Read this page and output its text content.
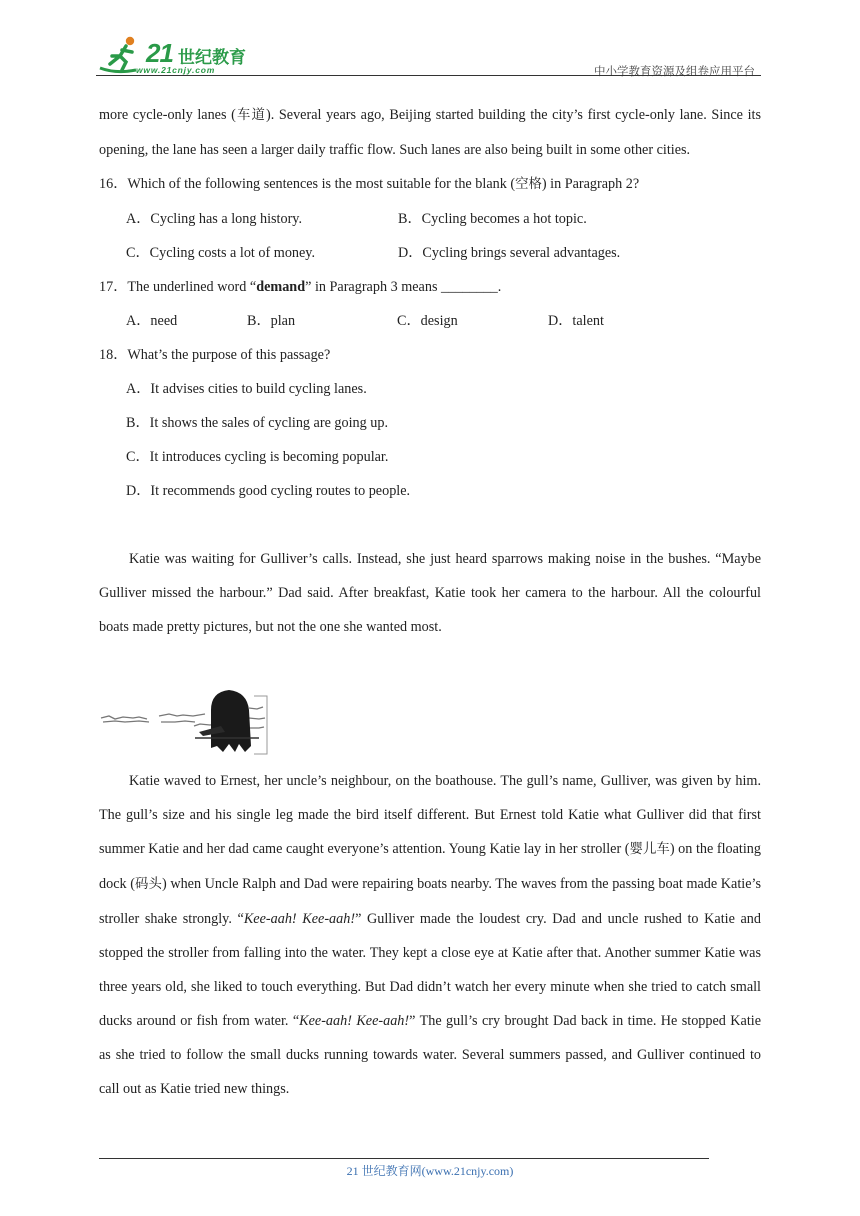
21 世纪教育
www.21cnjy.com	中小学教育资源及组卷应用平台

more cycle-only lanes (车道). Several years ago, Beijing started building the city’s first cycle-only lane. Since its opening, the lane has seen a larger daily traffic flow. Such lanes are also being built in some other cities.

16．Which of the following sentences is the most suitable for the blank (空格) in Paragraph 2?
A．Cycling has a long history.	B．Cycling becomes a hot topic.
C．Cycling costs a lot of money.	D．Cycling brings several advantages.
17．The underlined word “demand” in Paragraph 3 means ________.
A．need	B．plan	C．design	D．talent
18．What’s the purpose of this passage?
A．It advises cities to build cycling lanes.
B．It shows the sales of cycling are going up.
C．It introduces cycling is becoming popular.
D．It recommends good cycling routes to people.

Katie was waiting for Gulliver’s calls. Instead, she just heard sparrows making noise in the bushes. “Maybe Gulliver missed the harbour.” Dad said. After breakfast, Katie took her camera to the harbour. All the colourful boats made pretty pictures, but not the one she wanted most.

Katie waved to Ernest, her uncle’s neighbour, on the boathouse. The gull’s name, Gulliver, was given by him. The gull’s size and his single leg made the bird itself different. But Ernest told Katie what Gulliver did that first summer Katie and her dad came caught everyone’s attention. Young Katie lay in her stroller (婴儿车) on the floating dock (码头) when Uncle Ralph and Dad were repairing boats nearby. The waves from the passing boat made Katie’s stroller shake strongly. “Kee-aah! Kee-aah!” Gulliver made the loudest cry. Dad and uncle rushed to Katie and stopped the stroller from falling into the water. They kept a close eye at Katie after that. Another summer Katie was three years old, she liked to touch everything. But Dad didn’t watch her every minute when she tried to catch small ducks around or fish from water. “Kee-aah! Kee-aah!” The gull’s cry brought Dad back in time. He stopped Katie as she tried to follow the small ducks running towards water. Several summers passed, and Gulliver continued to call out as Katie tried new things.

21 世纪教育网(www.21cnjy.com)
